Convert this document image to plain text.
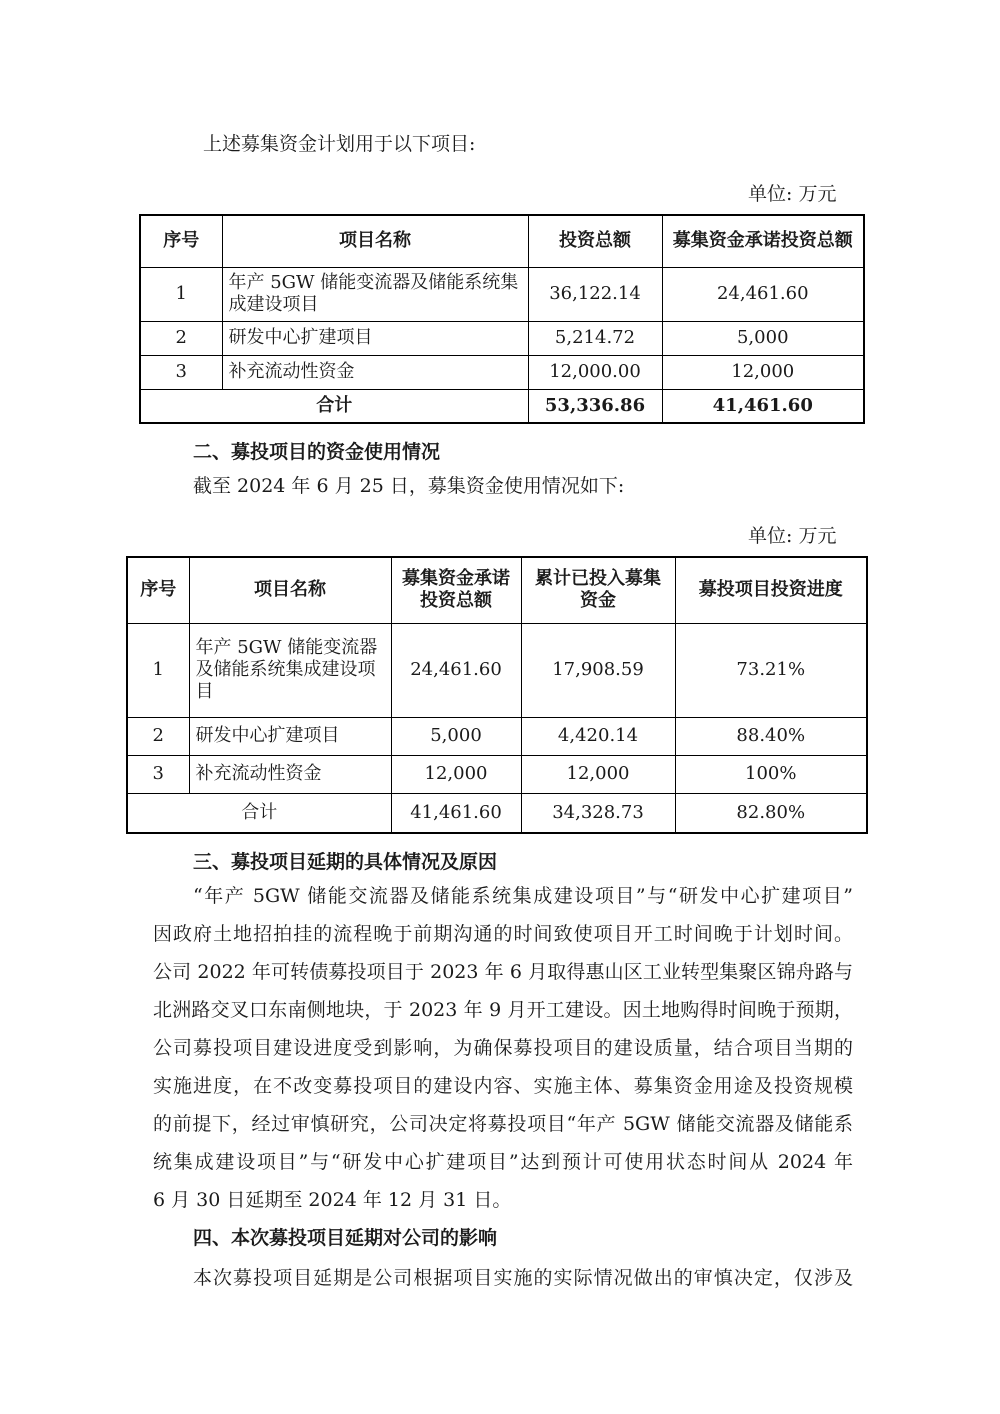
上述募集资金计划用于以下项目:
单位: 万元
序号	项目名称	投资总额	募集资金承诺投资总额
1	年产 5GW 储能变流器及储能系统集成建设项目	36,122.14	24,461.60
2	研发中心扩建项目	5,214.72	5,000
3	补充流动性资金	12,000.00	12,000
合计		53,336.86	41,461.60
二、募投项目的资金使用情况
截至 2024 年 6 月 25 日，募集资金使用情况如下:
单位: 万元
序号	项目名称	募集资金承诺投资总额	累计已投入募集资金	募投项目投资进度
1	年产 5GW 储能变流器及储能系统集成建设项目	24,461.60	17,908.59	73.21%
2	研发中心扩建项目	5,000	4,420.14	88.40%
3	补充流动性资金	12,000	12,000	100%
合计		41,461.60	34,328.73	82.80%
三、募投项目延期的具体情况及原因
“年产 5GW 储能交流器及储能系统集成建设项目”与“研发中心扩建项目”
因政府土地招拍挂的流程晚于前期沟通的时间致使项目开工时间晚于计划时间。
公司 2022 年可转债募投项目于 2023 年 6 月取得惠山区工业转型集聚区锦舟路与
北洲路交叉口东南侧地块，于 2023 年 9 月开工建设。因土地购得时间晚于预期，
公司募投项目建设进度受到影响，为确保募投项目的建设质量，结合项目当期的
实施进度，在不改变募投项目的建设内容、实施主体、募集资金用途及投资规模
的前提下，经过审慎研究，公司决定将募投项目“年产 5GW 储能交流器及储能系
统集成建设项目”与“研发中心扩建项目”达到预计可使用状态时间从 2024 年
6 月 30 日延期至 2024 年 12 月 31 日。
四、本次募投项目延期对公司的影响
本次募投项目延期是公司根据项目实施的实际情况做出的审慎决定，仅涉及
